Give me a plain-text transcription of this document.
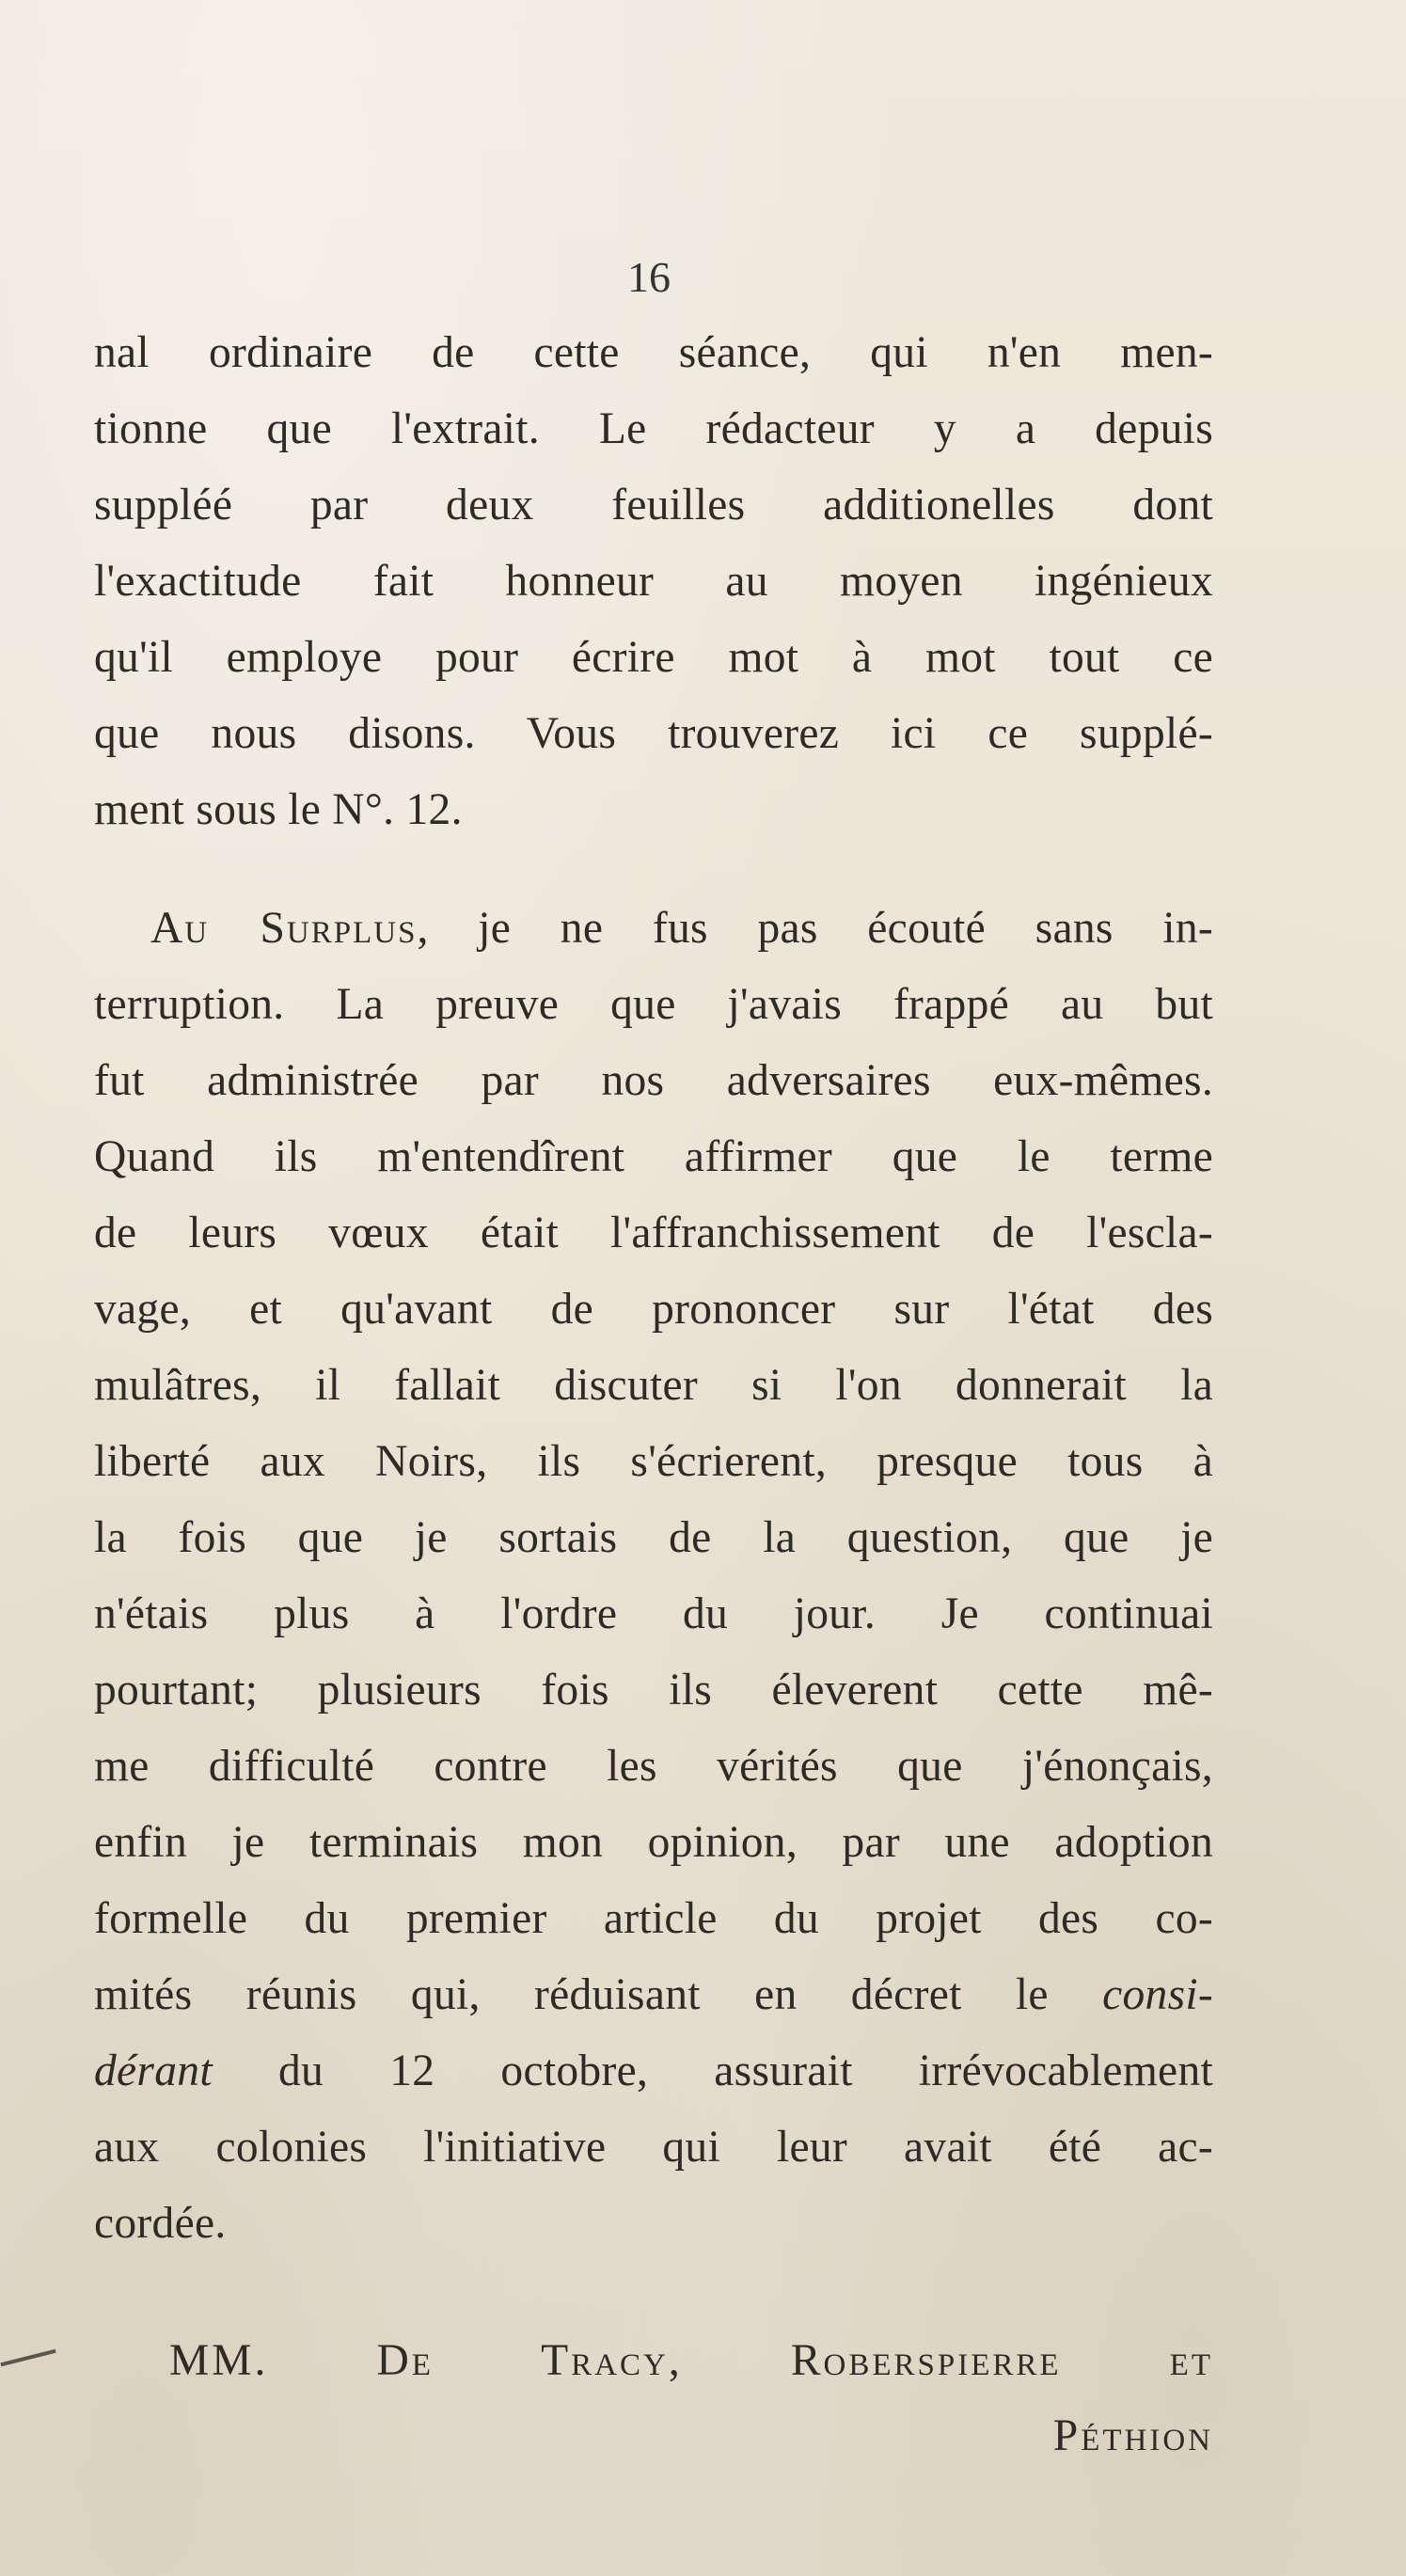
16
nal ordinaire de cette séance, qui n'en men-
tionne que l'extrait. Le rédacteur y a depuis
suppléé par deux feuilles additionelles dont
l'exactitude fait honneur au moyen ingénieux
qu'il employe pour écrire mot à mot tout ce
que nous disons. Vous trouverez ici ce supplé-
ment sous le N°. 12.
Au Surplus, je ne fus pas écouté sans in-
terruption. La preuve que j'avais frappé au but
fut administrée par nos adversaires eux-mêmes.
Quand ils m'entendîrent affirmer que le terme
de leurs vœux était l'affranchissement de l'escla-
vage, et qu'avant de prononcer sur l'état des
mulâtres, il fallait discuter si l'on donnerait la
liberté aux Noirs, ils s'écrierent, presque tous à
la fois que je sortais de la question, que je
n'étais plus à l'ordre du jour. Je continuai
pourtant; plusieurs fois ils éleverent cette mê-
me difficulté contre les vérités que j'énonçais,
enfin je terminais mon opinion, par une adoption
formelle du premier article du projet des co-
mités réunis qui, réduisant en décret le consi-
dérant du 12 octobre, assurait irrévocablement
aux colonies l'initiative qui leur avait été ac-
cordée.
MM. De Tracy, Roberspierre et
Péthion
